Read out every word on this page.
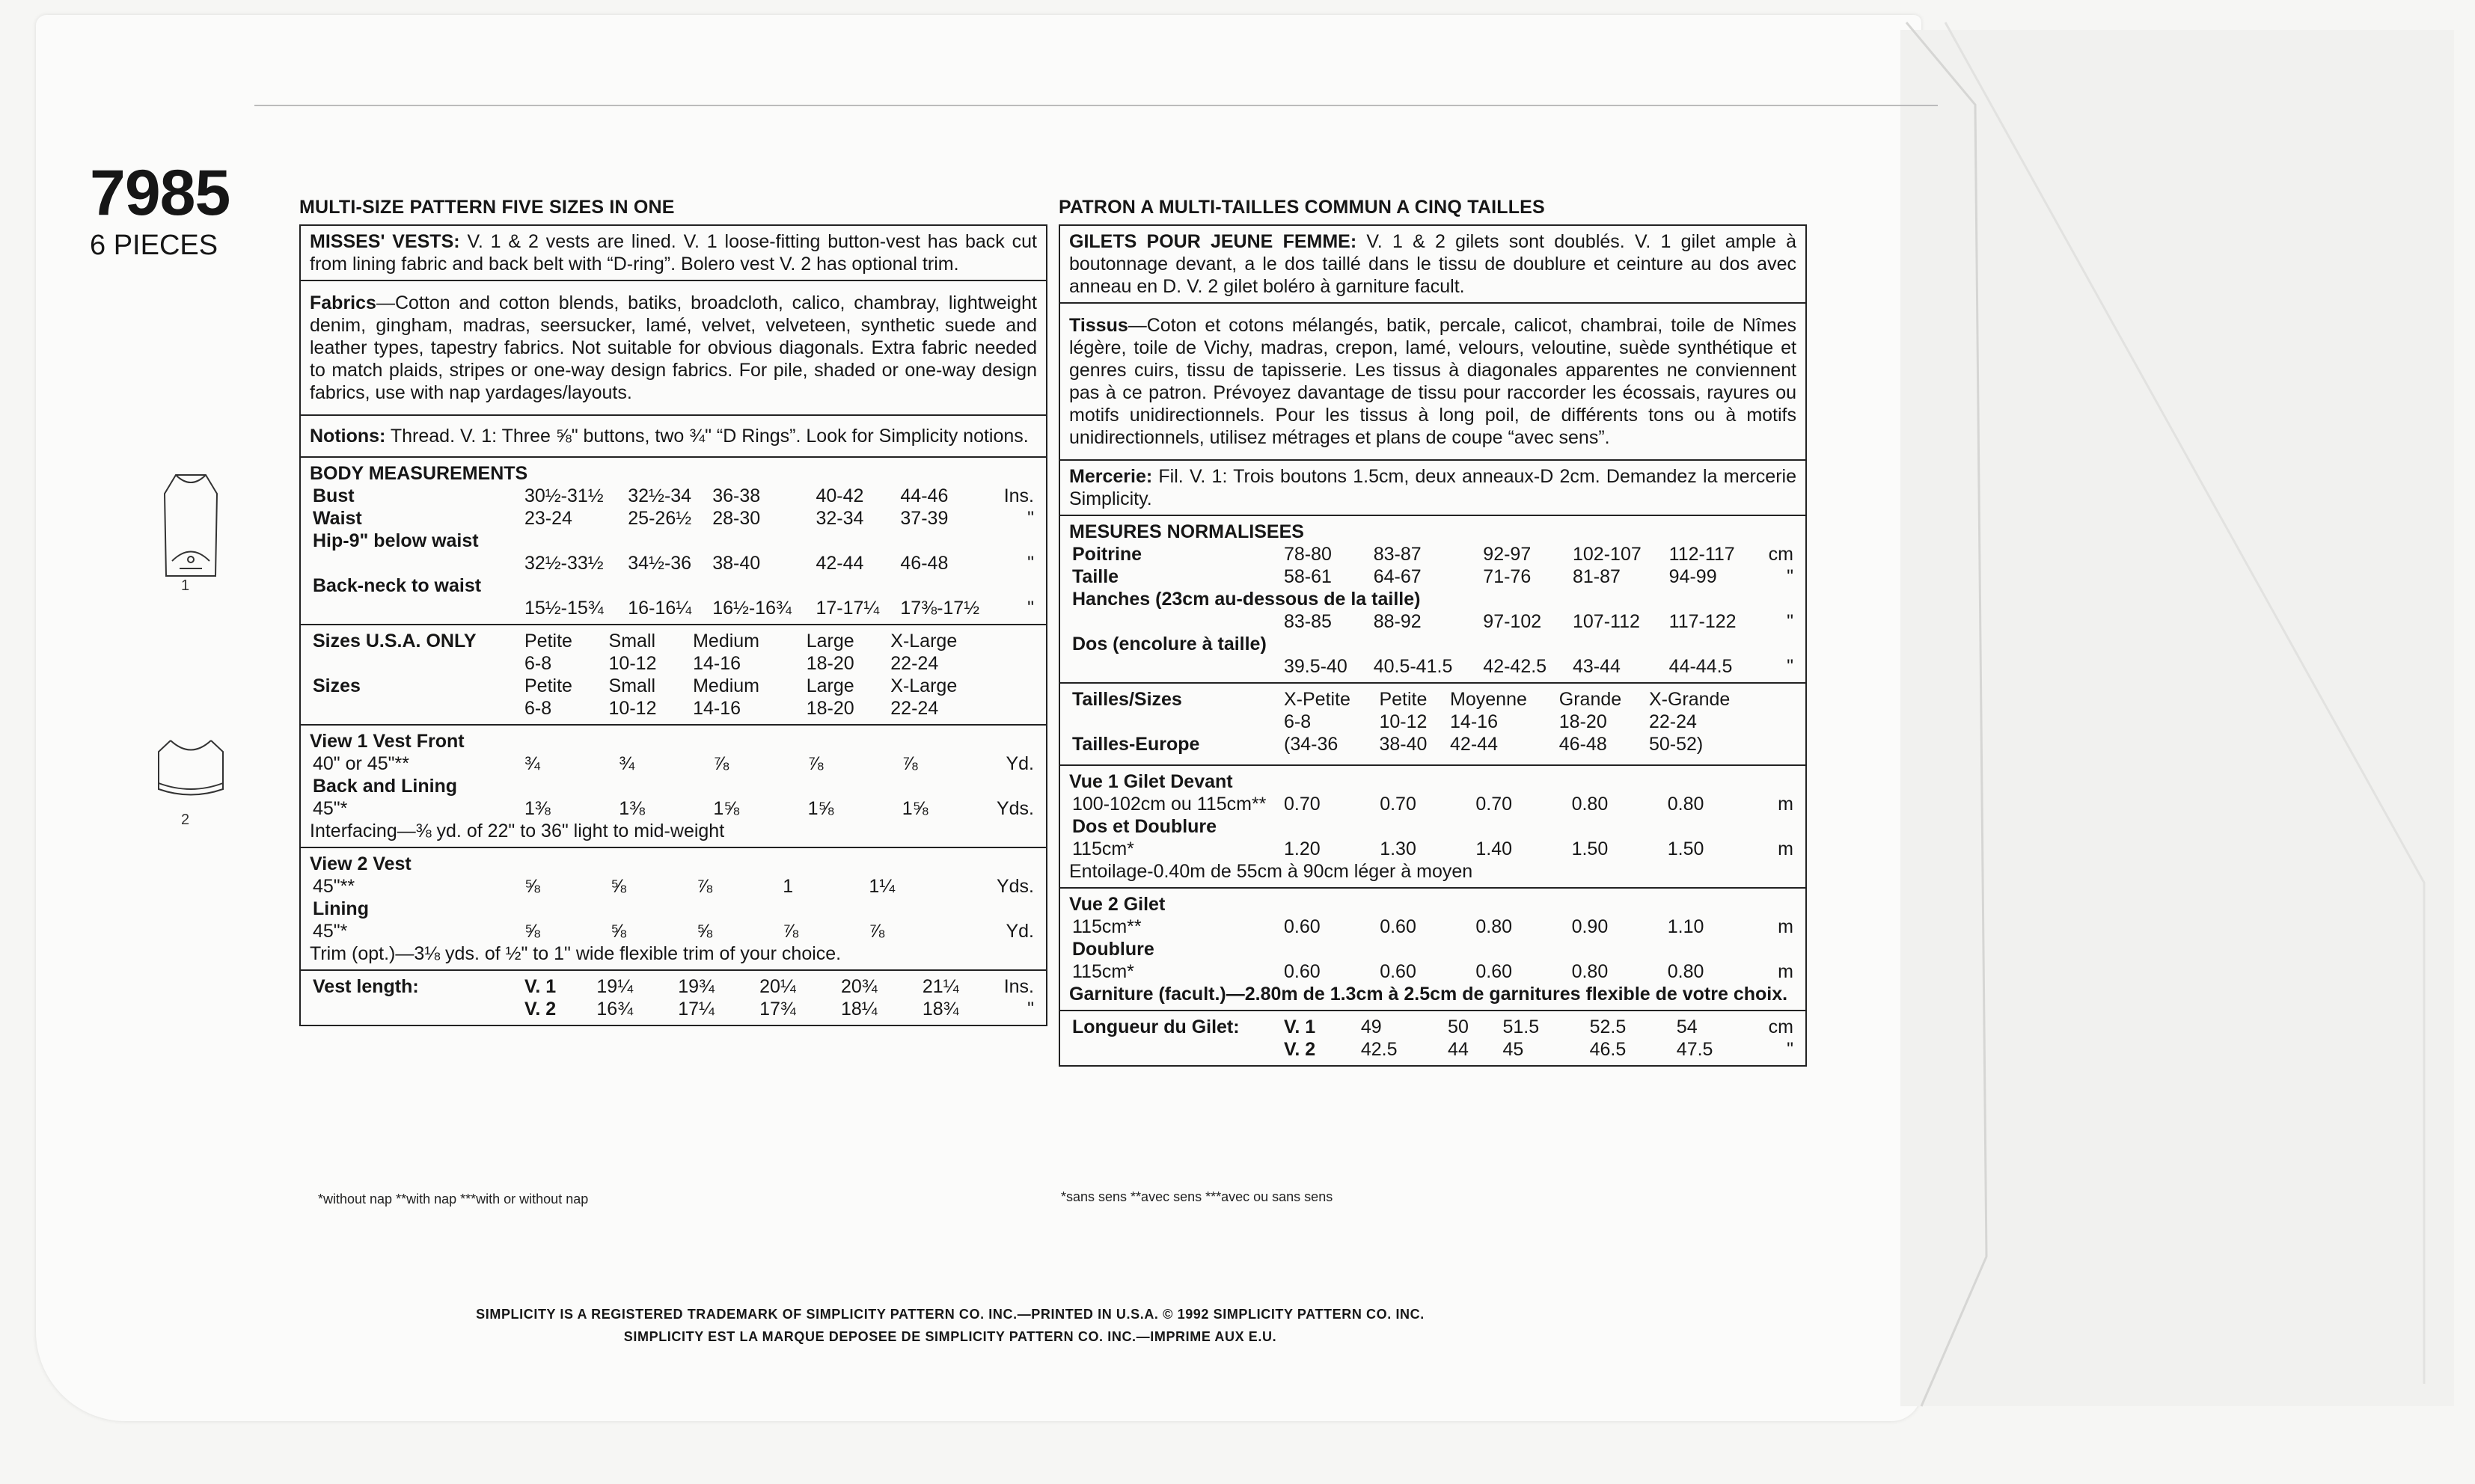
7985
6 PIECES
1
2
MULTI-SIZE PATTERN FIVE SIZES IN ONE
MISSES' VESTS: V. 1 & 2 vests are lined. V. 1 loose-fitting button-vest has back cut from lining fabric and back belt with “D-ring”. Bolero vest V. 2 has optional trim.
Fabrics—Cotton and cotton blends, batiks, broadcloth, calico, chambray, lightweight denim, gingham, madras, seersucker, lamé, velvet, velveteen, synthetic suede and leather types, tapestry fabrics. Not suitable for obvious diagonals. Extra fabric needed to match plaids, stripes or one-way design fabrics. For pile, shaded or one-way design fabrics, use with nap yardages/layouts.
Notions: Thread. V. 1: Three ⅝" buttons, two ¾" “D Rings”. Look for Simplicity notions.
BODY MEASUREMENTS
Bust	30½-31½	32½-34	36-38	40-42	44-46	Ins.
Waist	23-24	25-26½	28-30	32-34	37-39	"
Hip-9" below waist						
	32½-33½	34½-36	38-40	42-44	46-48	"
Back-neck to waist						
	15½-15¾	16-16¼	16½-16¾	17-17¼	17⅜-17½	"
Sizes U.S.A. ONLY	Petite	Small	Medium	Large	X-Large	
	6-8	10-12	14-16	18-20	22-24	
Sizes	Petite	Small	Medium	Large	X-Large	
	6-8	10-12	14-16	18-20	22-24	
View 1 Vest Front
40" or 45"**	¾	¾	⅞	⅞	⅞	Yd.
Back and Lining						
45"*	1⅜	1⅜	1⅝	1⅝	1⅝	Yds.
Interfacing—⅜ yd. of 22" to 36" light to mid-weight
View 2 Vest
45"**	⅝	⅝	⅞	1	1¼	Yds.
Lining						
45"*	⅝	⅝	⅝	⅞	⅞	Yd.
Trim (opt.)—3⅛ yds. of ½" to 1" wide flexible trim of your choice.
Vest length:	V. 1	19¼	19¾	20¼	20¾	21¼	Ins.
	V. 2	16¾	17¼	17¾	18¼	18¾	"
*without nap **with nap ***with or without nap
PATRON A MULTI-TAILLES COMMUN A CINQ TAILLES
GILETS POUR JEUNE FEMME: V. 1 & 2 gilets sont doublés. V. 1 gilet ample à boutonnage devant, a le dos taillé dans le tissu de doublure et ceinture au dos avec anneau en D. V. 2 gilet boléro à garniture facult.
Tissus—Coton et cotons mélangés, batik, percale, calicot, chambrai, toile de Nîmes légère, toile de Vichy, madras, crepon, lamé, velours, veloutine, suède synthétique et genres cuirs, tissu de tapisserie. Les tissus à diagonales apparentes ne conviennent pas à ce patron. Prévoyez davantage de tissu pour raccorder les écossais, rayures ou motifs unidirectionnels. Pour les tissus à long poil, de différents tons ou à motifs unidirectionnels, utilisez métrages et plans de coupe “avec sens”.
Mercerie: Fil. V. 1: Trois boutons 1.5cm, deux anneaux-D 2cm. Demandez la mercerie Simplicity.
MESURES NORMALISEES
Poitrine	78-80	83-87	92-97	102-107	112-117	cm
Taille	58-61	64-67	71-76	81-87	94-99	"
Hanches (23cm au-dessous de la taille)						
	83-85	88-92	97-102	107-112	117-122	"
Dos (encolure à taille)						
	39.5-40	40.5-41.5	42-42.5	43-44	44-44.5	"
Tailles/Sizes	X-Petite	Petite	Moyenne	Grande	X-Grande	
	6-8	10-12	14-16	18-20	22-24	
Tailles-Europe	(34-36	38-40	42-44	46-48	50-52)	

Vue 1 Gilet Devant
100-102cm ou 115cm**	0.70	0.70	0.70	0.80	0.80	m
Dos et Doublure						
115cm*	1.20	1.30	1.40	1.50	1.50	m
Entoilage-0.40m de 55cm à 90cm léger à moyen
Vue 2 Gilet
115cm**	0.60	0.60	0.80	0.90	1.10	m
Doublure						
115cm*	0.60	0.60	0.60	0.80	0.80	m
Garniture (facult.)—2.80m de 1.3cm à 2.5cm de garnitures flexible de votre choix.
Longueur du Gilet:	V. 1	49	50	51.5	52.5	54	cm
	V. 2	42.5	44	45	46.5	47.5	"
*sans sens **avec sens ***avec ou sans sens
SIMPLICITY IS A REGISTERED TRADEMARK OF SIMPLICITY PATTERN CO. INC.—PRINTED IN U.S.A. © 1992 SIMPLICITY PATTERN CO. INC.
SIMPLICITY EST LA MARQUE DEPOSEE DE SIMPLICITY PATTERN CO. INC.—IMPRIME AUX E.U.
